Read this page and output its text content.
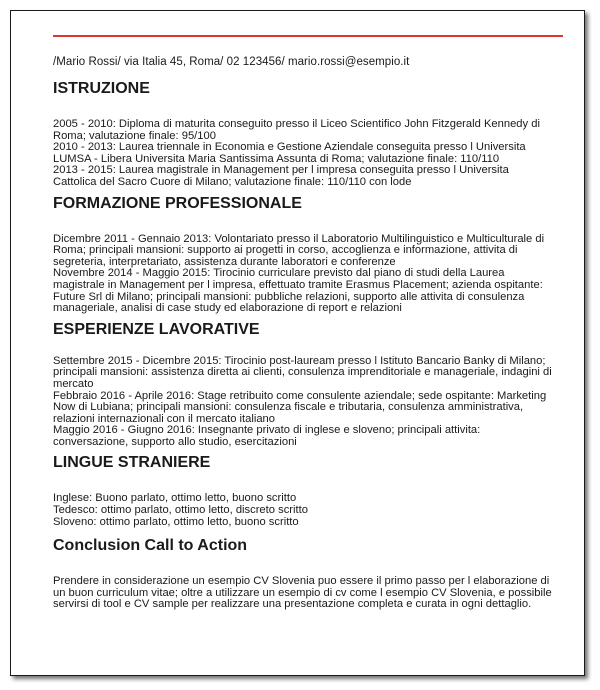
/Mario Rossi/ via Italia 45, Roma/ 02 123456/ mario.rossi@esempio.it
ISTRUZIONE

2005 - 2010: Diploma di maturita conseguito presso il Liceo Scientifico John Fitzgerald Kennedy di Roma; valutazione finale: 95/100

2010 - 2013: Laurea triennale in Economia e Gestione Aziendale conseguita presso l Universita LUMSA - Libera Universita Maria Santissima Assunta di Roma; valutazione finale: 110/110

2013 - 2015: Laurea magistrale in Management per l impresa conseguita presso l Universita Cattolica del Sacro Cuore di Milano; valutazione finale: 110/110 con lode

FORMAZIONE PROFESSIONALE

Dicembre 2011 - Gennaio 2013: Volontariato presso il Laboratorio Multilinguistico e Multiculturale di Roma; principali mansioni: supporto ai progetti in corso, accoglienza e informazione, attivita di segreteria, interpretariato, assistenza durante laboratori e conferenze

Novembre 2014 - Maggio 2015: Tirocinio curriculare previsto dal piano di studi della Laurea magistrale in Management per l impresa, effettuato tramite Erasmus Placement; azienda ospitante: Future Srl di Milano; principali mansioni: pubbliche relazioni, supporto alle attivita di consulenza manageriale, analisi di case study ed elaborazione di report e relazioni

ESPERIENZE LAVORATIVE

Settembre 2015 - Dicembre 2015: Tirocinio post-lauream presso l Istituto Bancario Banky di Milano; principali mansioni: assistenza diretta ai clienti, consulenza imprenditoriale e manageriale, indagini di mercato

Febbraio 2016 - Aprile 2016: Stage retribuito come consulente aziendale; sede ospitante: Marketing Now di Lubiana; principali mansioni: consulenza fiscale e tributaria, consulenza amministrativa, relazioni internazionali con il mercato italiano

Maggio 2016 - Giugno 2016: Insegnante privato di inglese e sloveno; principali attivita: conversazione, supporto allo studio, esercitazioni

LINGUE STRANIERE

Inglese: Buono parlato, ottimo letto, buono scritto

Tedesco: ottimo parlato, ottimo letto, discreto scritto

Sloveno: ottimo parlato, ottimo letto, buono scritto

Conclusion Call to Action

Prendere in considerazione un esempio CV Slovenia puo essere il primo passo per l elaborazione di un buon curriculum vitae; oltre a utilizzare un esempio di cv come l esempio CV Slovenia, e possibile servirsi di tool e CV sample per realizzare una presentazione completa e curata in ogni dettaglio.
